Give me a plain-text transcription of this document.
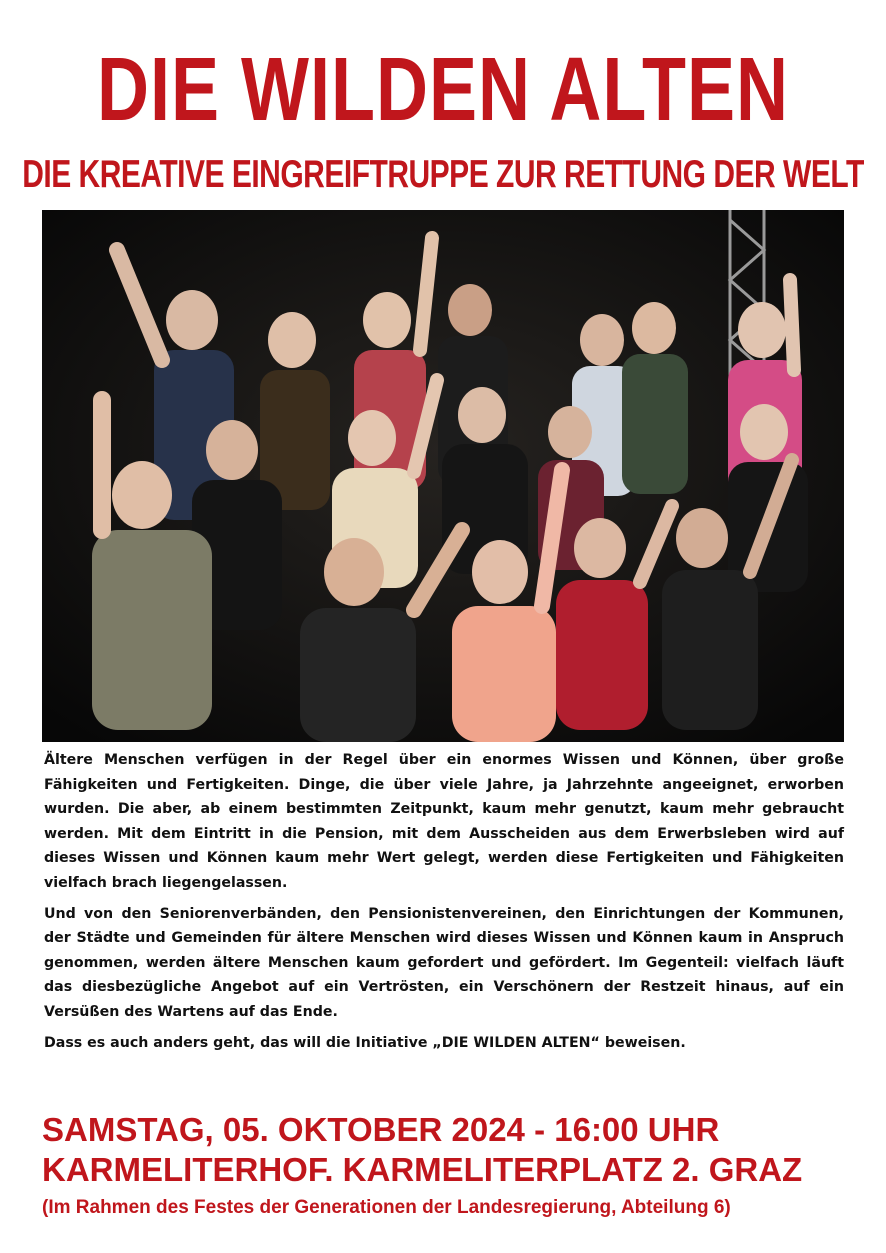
DIE WILDEN ALTEN
DIE KREATIVE EINGREIFTRUPPE ZUR RETTUNG DER WELT

Ältere Menschen verfügen in der Regel über ein enormes Wissen und Können, über große Fähigkeiten und Fertigkeiten. Dinge, die über viele Jahre, ja Jahrzehnte angeeignet, erworben wurden. Die aber, ab einem bestimmten Zeitpunkt, kaum mehr genutzt, kaum mehr gebraucht werden. Mit dem Eintritt in die Pension, mit dem Ausscheiden aus dem Erwerbsleben wird auf dieses Wissen und Können kaum mehr Wert gelegt, werden diese Fertigkeiten und Fähigkeiten vielfach brach liegengelassen.

Und von den Seniorenverbänden, den Pensionistenvereinen, den Einrichtungen der Kommunen, der Städte und Gemeinden für ältere Menschen wird dieses Wissen und Können kaum in Anspruch genommen, werden ältere Menschen kaum gefordert und gefördert. Im Gegenteil: vielfach läuft das diesbezügliche Angebot auf ein Vertrösten, ein Verschönern der Restzeit hinaus, auf ein Versüßen des Wartens auf das Ende.

Dass es auch anders geht, das will die Initiative „DIE WILDEN ALTEN“ beweisen.

SAMSTAG, 05. OKTOBER 2024 - 16:00 UHR
KARMELITERHOF. KARMELITERPLATZ 2. GRAZ
(Im Rahmen des Festes der Generationen der Landesregierung, Abteilung 6)
